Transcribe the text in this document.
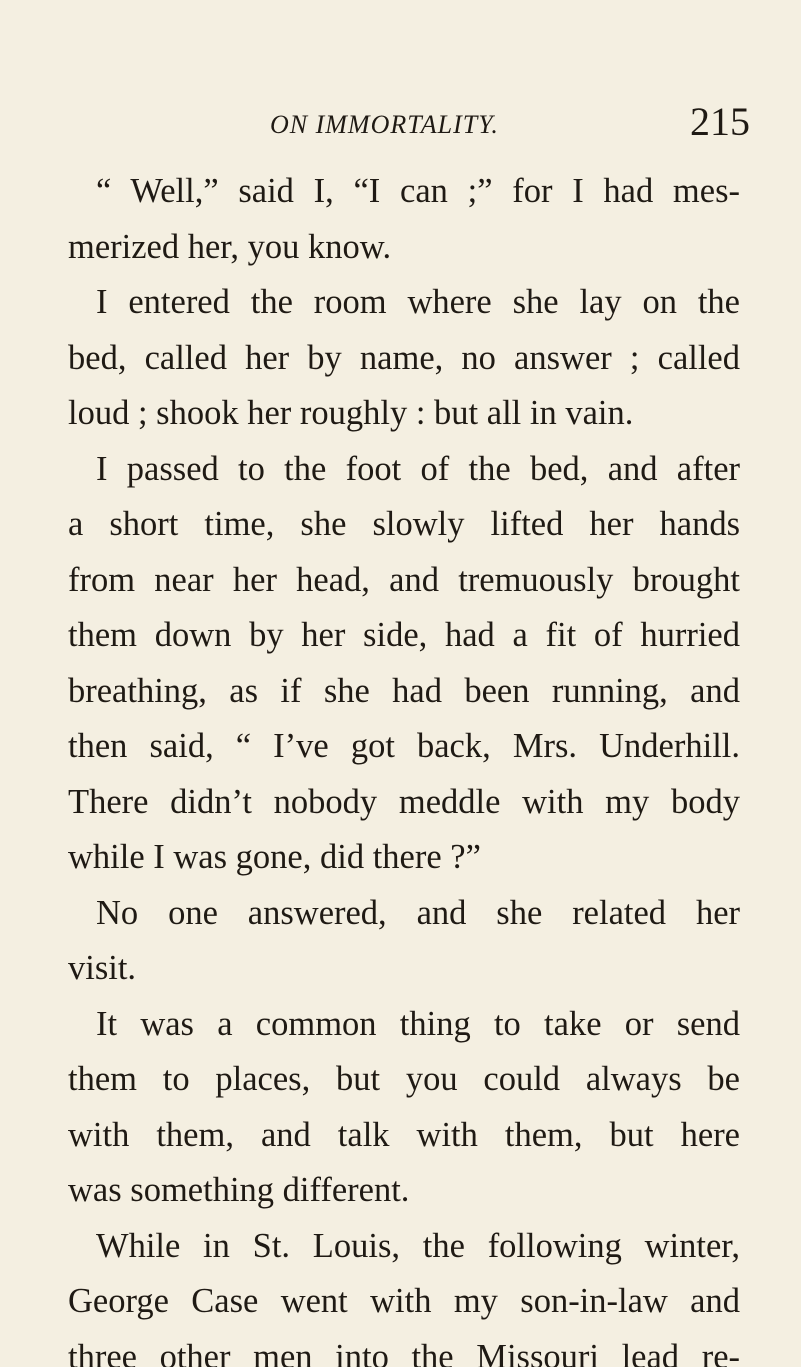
ON IMMORTALITY.	215
“ Well,” said I, “I can ;” for I had mes-
merized her, you know.
I entered the room where she lay on the
bed, called her by name, no answer ; called
loud ; shook her roughly : but all in vain.
I passed to the foot of the bed, and after
a short time, she slowly lifted her hands
from near her head, and tremuously brought
them down by her side, had a fit of hurried
breathing, as if she had been running, and
then said, “ I’ve got back, Mrs. Underhill.
There didn’t nobody meddle with my body
while I was gone, did there ?”
No one answered, and she related her
visit.
It was a common thing to take or send
them to places, but you could always be
with them, and talk with them, but here
was something different.
While in St. Louis, the following winter,
George Case went with my son-in-law and
three other men into the Missouri lead re-
